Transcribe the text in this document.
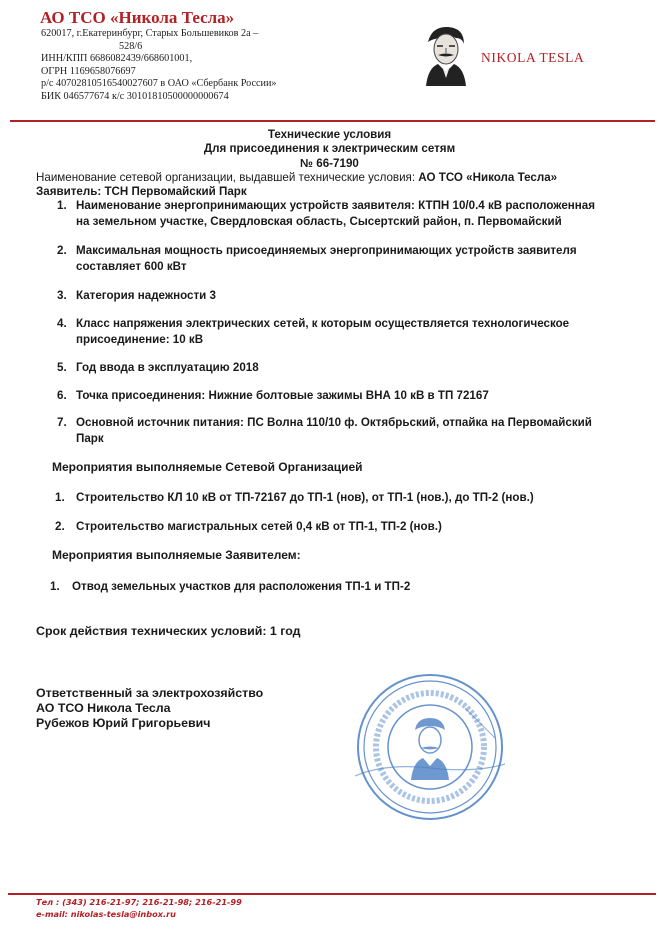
АО ТСО «Никола Тесла»
620017, г.Екатеринбург, Старых Большевиков 2а –
528/6
ИНН/КПП 6686082439/668601001,
ОГРН 1169658076697
р/с 40702810516540027607 в ОАО «Сбербанк России»
БИК 046577674 к/с 30101810500000000674
NIKOLA TESLA
Технические условия
Для присоединения к электрическим сетям
№ 66-7190
Наименование сетевой организации, выдавшей технические условия: АО ТСО «Никола Тесла»
Заявитель: ТСН Первомайский Парк
1. Наименование энергопринимающих устройств заявителя: КТПН 10/0.4 кВ расположенная
на земельном участке, Свердловская область, Сысертский район, п. Первомайский
2. Максимальная мощность присоединяемых энергопринимающих устройств заявителя
составляет 600 кВт
3. Категория надежности 3
4. Класс напряжения электрических сетей, к которым осуществляется технологическое
присоединение: 10 кВ
5. Год ввода в эксплуатацию 2018
6. Точка присоединения: Нижние болтовые зажимы ВНА 10 кВ в ТП 72167
7. Основной источник питания: ПС Волна 110/10 ф. Октябрьский, отпайка на Первомайский
Парк
Мероприятия выполняемые Сетевой Организацией
1. Строительство КЛ 10 кВ от ТП-72167 до ТП-1 (нов), от ТП-1 (нов.), до ТП-2 (нов.)
2. Строительство магистральных сетей 0,4 кВ от ТП-1, ТП-2 (нов.)
Мероприятия выполняемые Заявителем:
1. Отвод земельных участков для расположения ТП-1 и ТП-2
Срок действия технических условий: 1 год
Ответственный за электрохозяйство
АО ТСО Никола Тесла
Рубежов Юрий Григорьевич
Тел : (343) 216-21-97; 216-21-98; 216-21-99
e-mail: nikolas-tesla@inbox.ru
